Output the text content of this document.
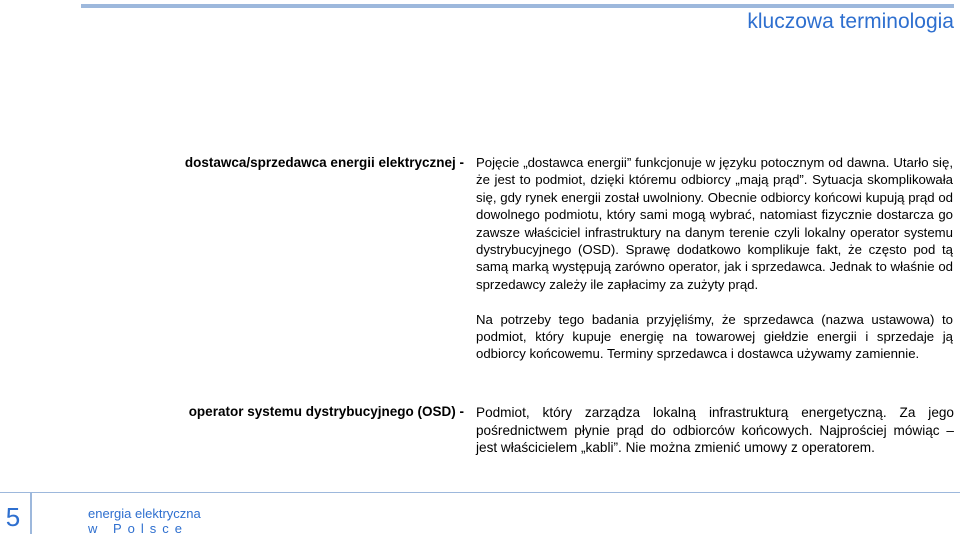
kluczowa terminologia
dostawca/sprzedawca energii elektrycznej - Pojęcie „dostawca energii” funkcjonuje w języku potocznym od dawna. Utarło się, że jest to podmiot, dzięki któremu odbiorcy „mają prąd”. Sytuacja skomplikowała się, gdy rynek energii został uwolniony. Obecnie odbiorcy końcowi kupują prąd od dowolnego podmiotu, który sami mogą wybrać, natomiast fizycznie dostarcza go zawsze właściciel infrastruktury na danym terenie czyli lokalny operator systemu dystrybucyjnego (OSD). Sprawę dodatkowo komplikuje fakt, że często pod tą samą marką występują zarówno operator, jak i sprzedawca. Jednak to właśnie od sprzedawcy zależy ile zapłacimy za zużyty prąd.

Na potrzeby tego badania przyjęliśmy, że sprzedawca (nazwa ustawowa) to podmiot, który kupuje energię na towarowej giełdzie energii i sprzedaje ją odbiorcy końcowemu. Terminy sprzedawca i dostawca używamy zamiennie.

operator systemu dystrybucyjnego (OSD) - Podmiot, który zarządza lokalną infrastrukturą energetyczną. Za jego pośrednictwem płynie prąd do odbiorców końcowych. Najprościej mówiąc – jest właścicielem „kabli”. Nie można zmienić umowy z operatorem.

5	energia elektryczna
w Polsce
